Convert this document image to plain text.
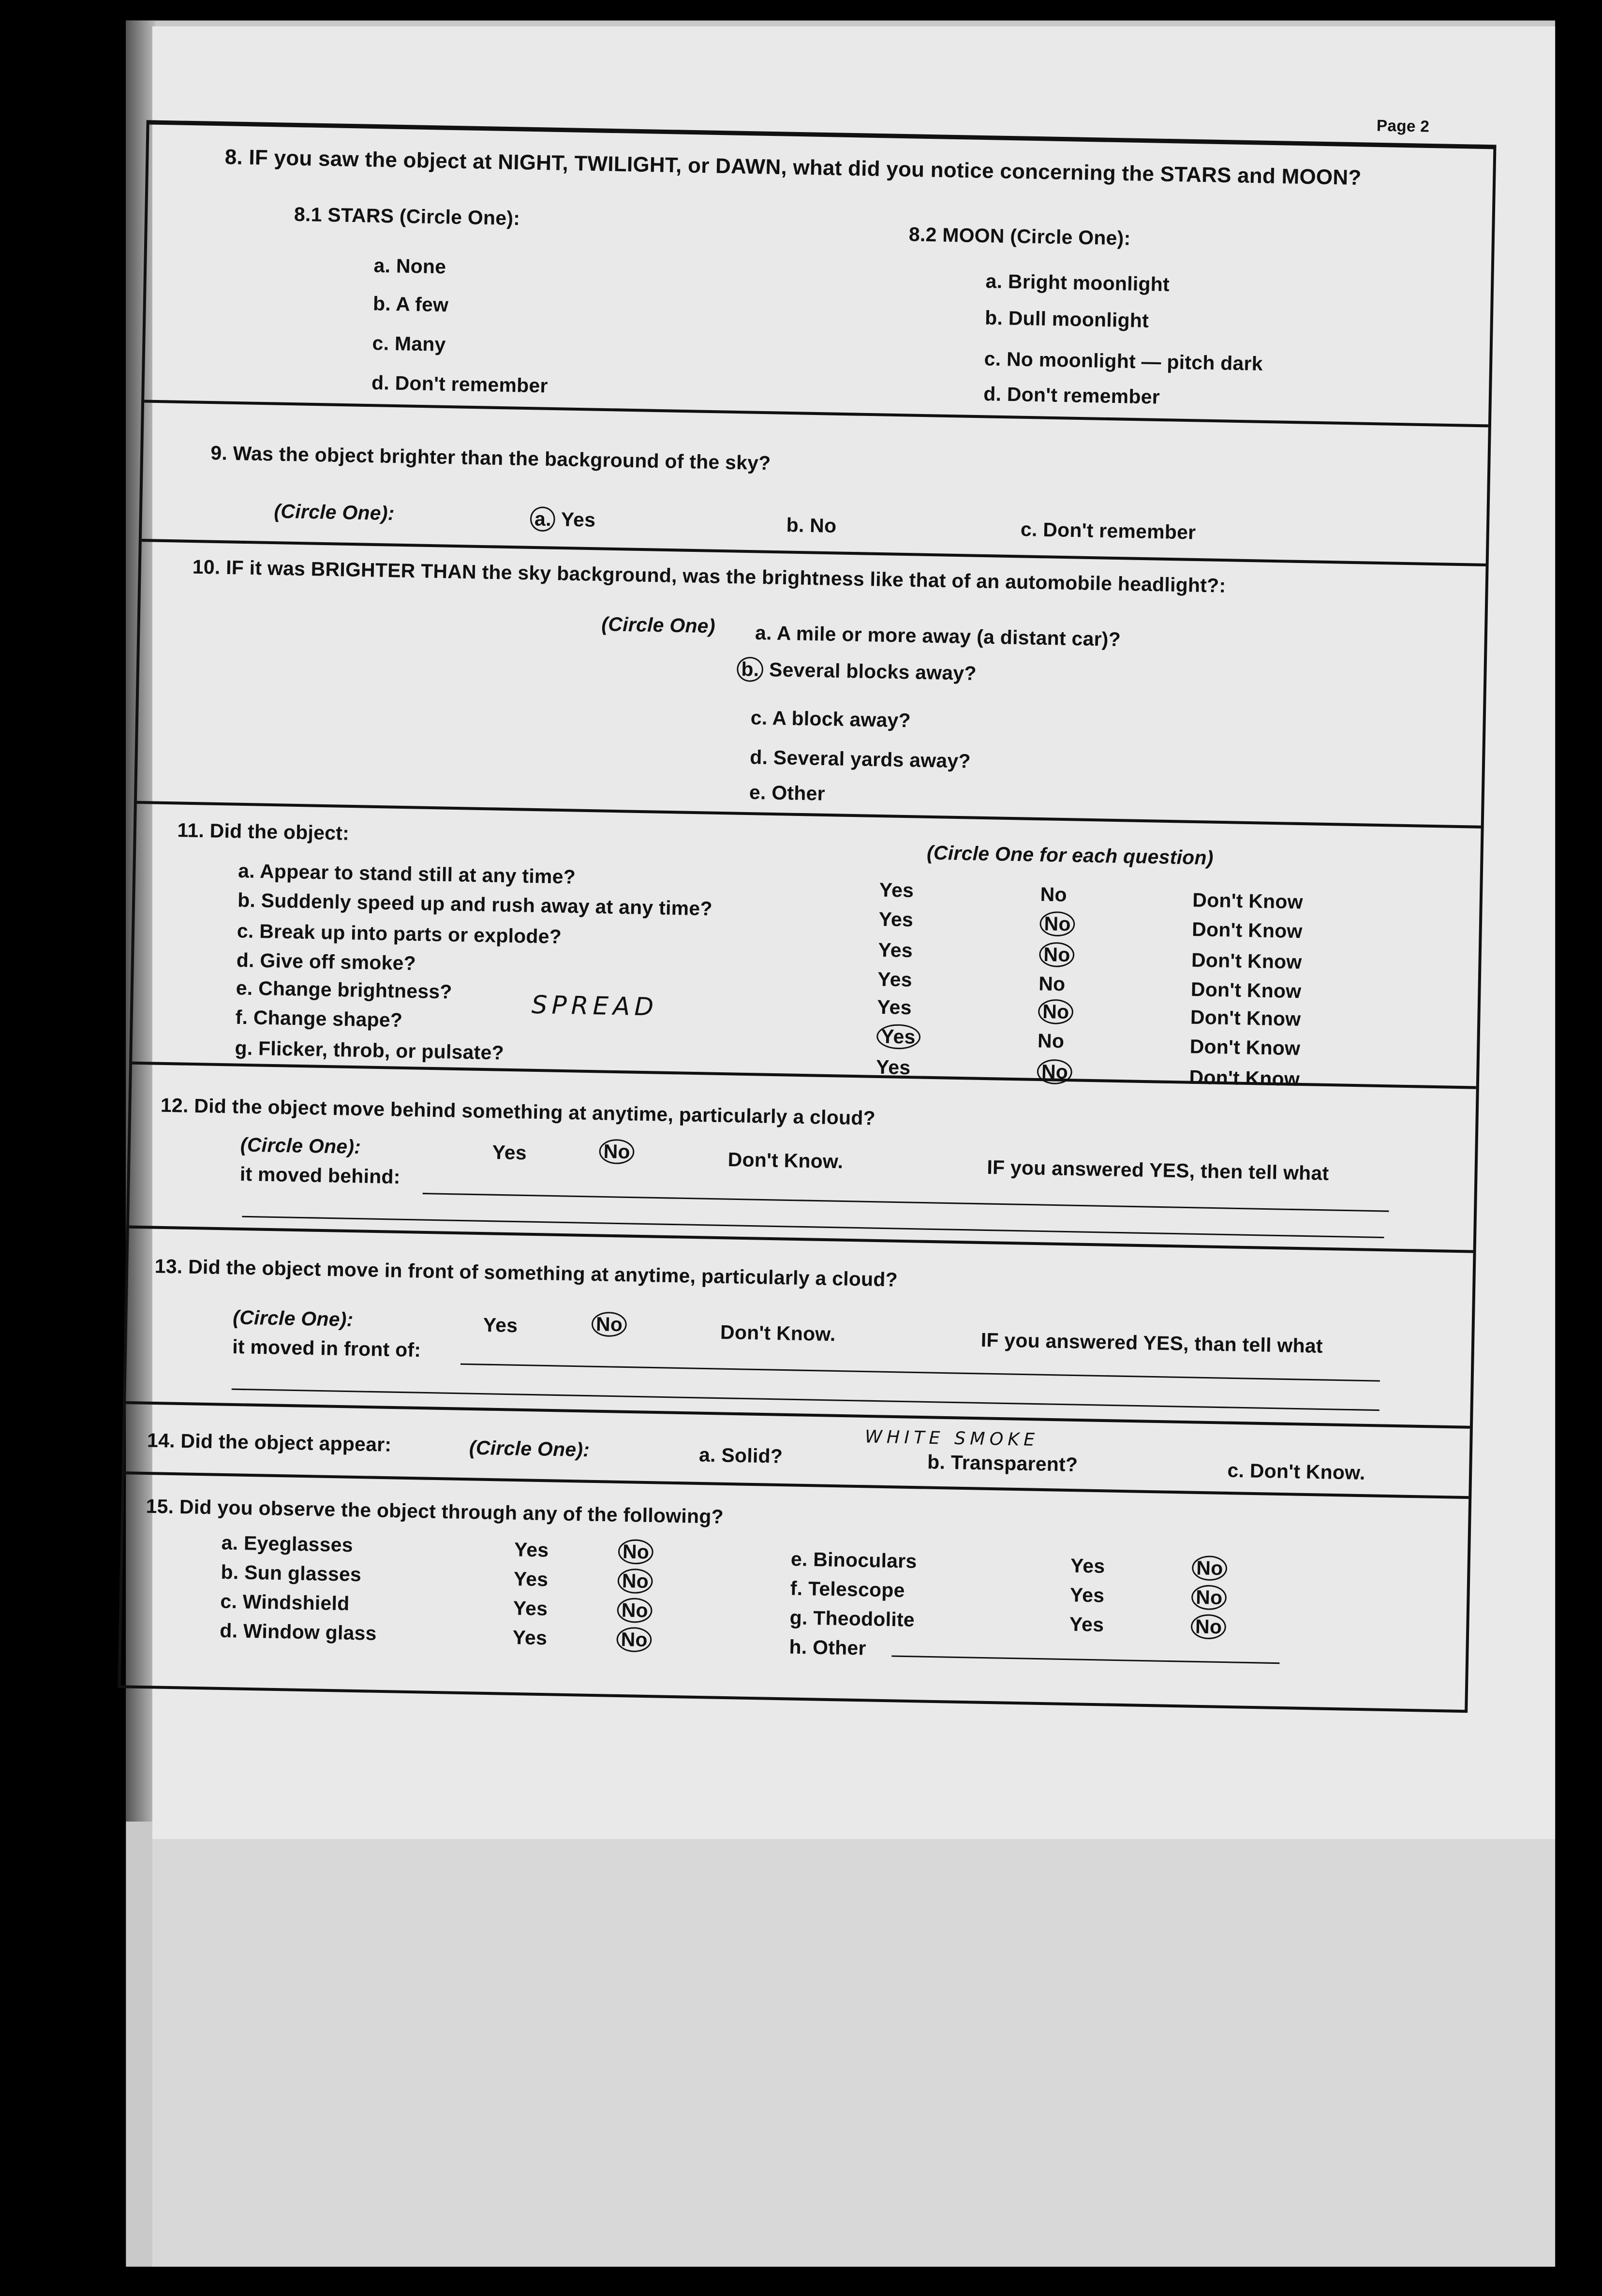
Page 2
8. IF you saw the object at NIGHT, TWILIGHT, or DAWN, what did you notice concerning the STARS and MOON?
8.1 STARS (Circle One):
a. None
b. A few
c. Many
d. Don't remember
8.2 MOON (Circle One):
a. Bright moonlight
b. Dull moonlight
c. No moonlight — pitch dark
d. Don't remember
9. Was the object brighter than the background of the sky?
(Circle One):	a. Yes	b. No	c. Don't remember
10. IF it was BRIGHTER THAN the sky background, was the brightness like that of an automobile headlight?:
(Circle One)	a. A mile or more away (a distant car)?
b. Several blocks away?
c. A block away?
d. Several yards away?
e. Other
11. Did the object:
(Circle One for each question)
a. Appear to stand still at any time?
Yes	No	Don't Know
b. Suddenly speed up and rush away at any time?	Yes	No	Don't Know
c. Break up into parts or explode?
Yes	No	Don't Know
d. Give off smoke?
Yes	No	Don't Know
e. Change brightness?
Yes	No	Don't Know
f. Change shape?
Yes	No	Don't Know
g. Flicker, throb, or pulsate?
Yes	No	Don't Know
SPREAD
12. Did the object move behind something at anytime, particularly a cloud?
(Circle One):	Yes	No	Don't Know.	IF you answered YES, then tell what
it moved behind:
13. Did the object move in front of something at anytime, particularly a cloud?
(Circle One):	Yes	No	Don't Know.	IF you answered YES, than tell what
it moved in front of:
14. Did the object appear:	(Circle One):	a. Solid?
WHITE SMOKE
b. Transparent?	c. Don't Know.
15. Did you observe the object through any of the following?
a. Eyeglasses	Yes	No
b. Sun glasses	Yes	No
c. Windshield	Yes	No
d. Window glass	Yes	No
e. Binoculars	Yes	No
f. Telescope	Yes	No
g. Theodolite	Yes	No
h. Other
